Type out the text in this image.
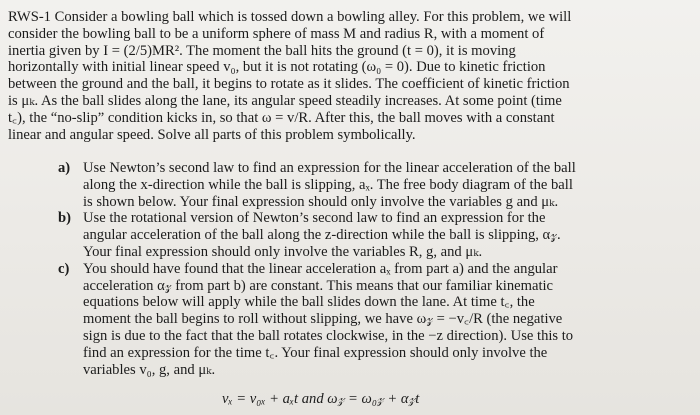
RWS-1 Consider a bowling ball which is tossed down a bowling alley. For this problem, we will
consider the bowling ball to be a uniform sphere of mass M and radius R, with a moment of
inertia given by I = (2/5)MR². The moment the ball hits the ground (t = 0), it is moving
horizontally with initial linear speed v₀, but it is not rotating (ω₀ = 0). Due to kinetic friction
between the ground and the ball, it begins to rotate as it slides. The coefficient of kinetic friction
is μₖ. As the ball slides along the lane, its angular speed steadily increases. At some point (time
t꜀), the “no-slip” condition kicks in, so that ω = v/R. After this, the ball moves with a constant
linear and angular speed. Solve all parts of this problem symbolically.

a) Use Newton’s second law to find an expression for the linear acceleration of the ball
along the x-direction while the ball is slipping, aₓ. The free body diagram of the ball
is shown below. Your final expression should only involve the variables g and μₖ.
b) Use the rotational version of Newton’s second law to find an expression for the
angular acceleration of the ball along the z-direction while the ball is slipping, α𝓏.
Your final expression should only involve the variables R, g, and μₖ.
c) You should have found that the linear acceleration aₓ from part a) and the angular
acceleration α𝓏 from part b) are constant. This means that our familiar kinematic
equations below will apply while the ball slides down the lane. At time t꜀, the
moment the ball begins to roll without slipping, we have ω𝓏 = −v꜀/R (the negative
sign is due to the fact that the ball rotates clockwise, in the −z direction). Use this to
find an expression for the time t꜀. Your final expression should only involve the
variables v₀, g, and μₖ.
vₓ = v₀ₓ + aₓt and ω𝓏 = ω₀𝓏 + α𝓏t
